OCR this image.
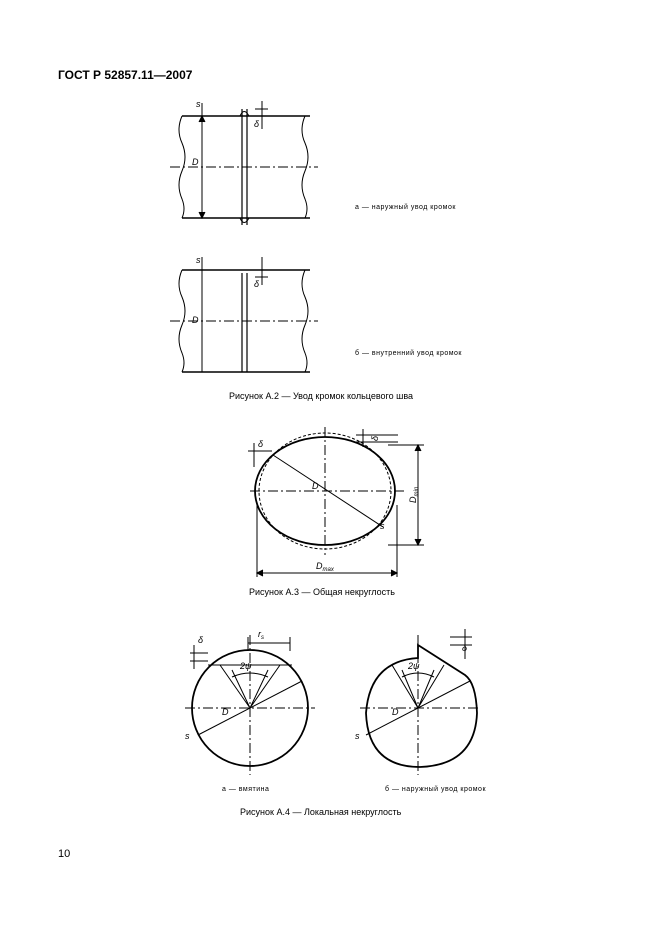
ГОСТ Р 52857.11—2007
s
δ
D
s
δ
D
а — наружный увод кромок
б — внутренний увод кромок
Рисунок А.2 — Увод кромок кольцевого шва
δ
δ
D
s
$D_{min}$
$D_{max}$
Рисунок А.3 — Общая некруглость
δ
$r_s$
2ψ
D
s
2ψ
D
s
δ
а — вмятина	б — наружный увод кромок
Рисунок А.4 — Локальная некруглость
10
